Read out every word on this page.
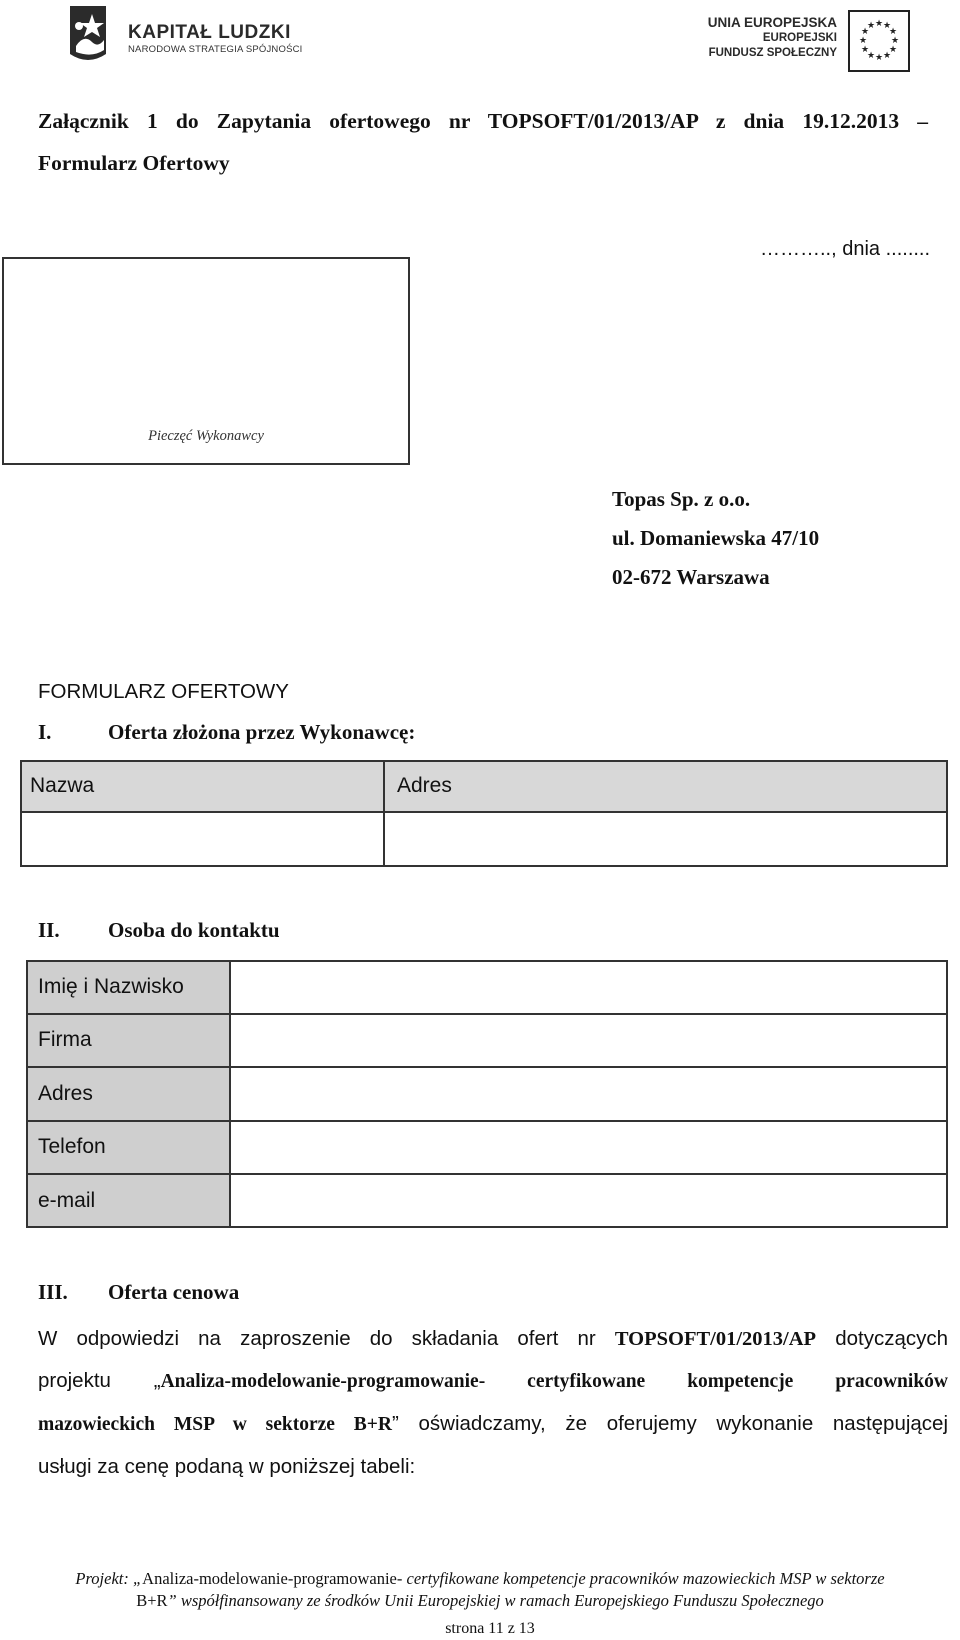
KAPITAŁ LUDZKI
NARODOWA STRATEGIA SPÓJNOŚCI
UNIA EUROPEJSKA
EUROPEJSKI
FUNDUSZ SPOŁECZNY
★ ★
★
★
★
★
★
★
★
★
★
★
Załącznik 1 do Zapytania ofertowego nr TOPSOFT/01/2013/AP z dnia 19.12.2013 –
Formularz Ofertowy
……….., dnia ........
Pieczęć Wykonawcy
Topas Sp. z o.o.
ul. Domaniewska 47/10
02-672 Warszawa
FORMULARZ OFERTOWY
I.	Oferta złożona przez Wykonawcę:
Nazwa	Adres
II. Osoba do kontaktu
Imię i Nazwisko
Firma
Adres
Telefon
e-mail
III. Oferta cenowa
W odpowiedzi na zaproszenie do składania ofert nr TOPSOFT/01/2013/AP dotyczących
projektu „Analiza-modelowanie-programowanie- certyfikowane kompetencje pracowników
mazowieckich MSP w sektorze B+R” oświadczamy, że oferujemy wykonanie następującej
usługi za cenę podaną w poniższej tabeli:
Projekt: „Analiza-modelowanie-programowanie- certyfikowane kompetencje pracowników mazowieckich MSP w sektorze
B+R” współfinansowany ze środków Unii Europejskiej w ramach Europejskiego Funduszu Społecznego
strona 11 z 13
